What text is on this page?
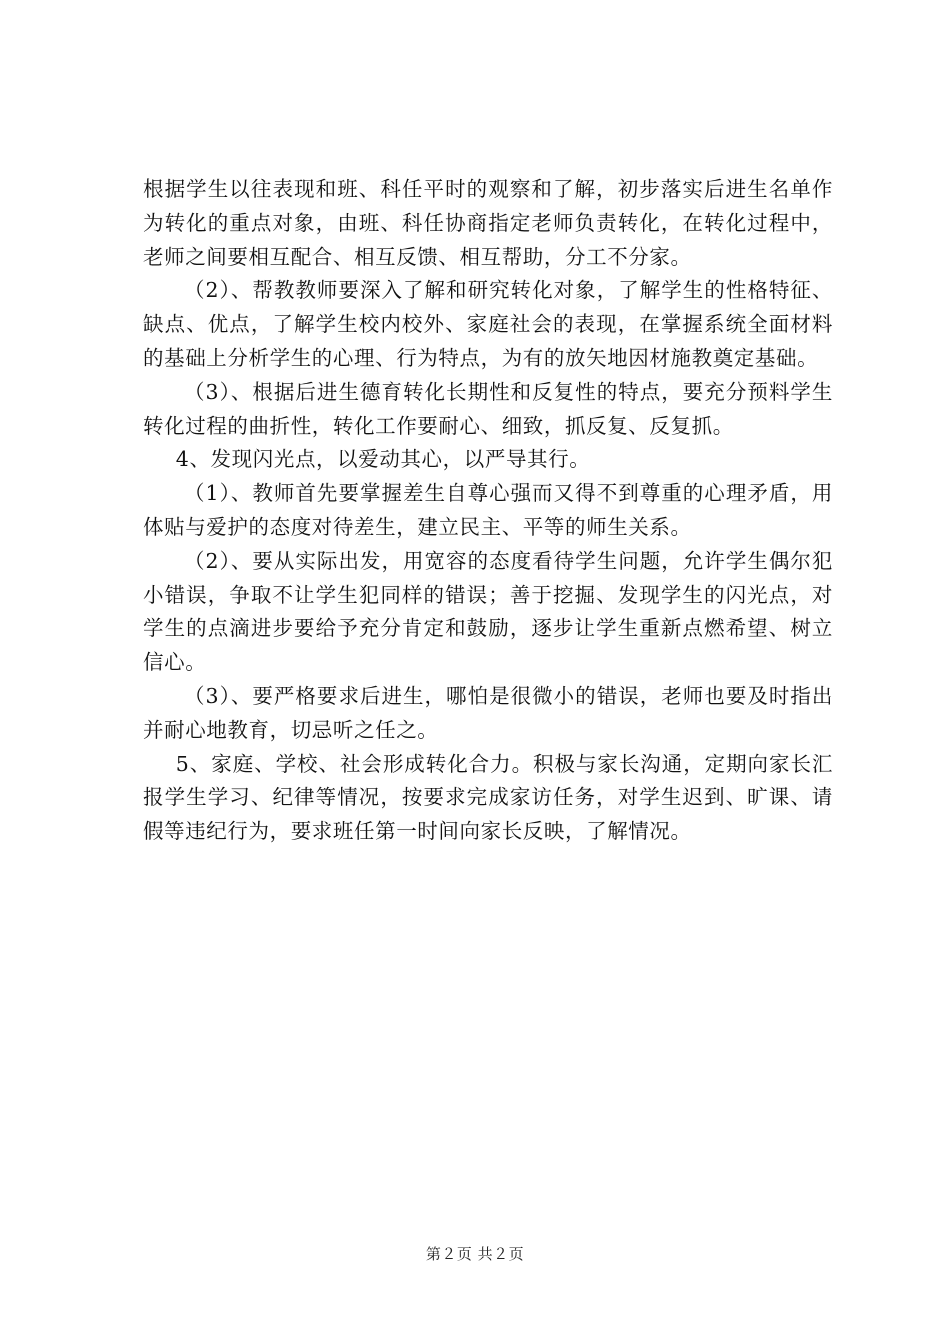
根据学生以往表现和班、科任平时的观察和了解，初步落实后进生名单作为转化的重点对象，由班、科任协商指定老师负责转化，在转化过程中，老师之间要相互配合、相互反馈、相互帮助，分工不分家。

（2）、帮教教师要深入了解和研究转化对象，了解学生的性格特征、缺点、优点，了解学生校内校外、家庭社会的表现，在掌握系统全面材料的基础上分析学生的心理、行为特点，为有的放矢地因材施教奠定基础。

（3）、根据后进生德育转化长期性和反复性的特点，要充分预料学生转化过程的曲折性，转化工作要耐心、细致，抓反复、反复抓。

4、发现闪光点，以爱动其心，以严导其行。

（1）、教师首先要掌握差生自尊心强而又得不到尊重的心理矛盾，用体贴与爱护的态度对待差生，建立民主、平等的师生关系。

（2）、要从实际出发，用宽容的态度看待学生问题，允许学生偶尔犯小错误，争取不让学生犯同样的错误；善于挖掘、发现学生的闪光点，对学生的点滴进步要给予充分肯定和鼓励，逐步让学生重新点燃希望、树立信心。

（3）、要严格要求后进生，哪怕是很微小的错误，老师也要及时指出并耐心地教育，切忌听之任之。

5、家庭、学校、社会形成转化合力。积极与家长沟通，定期向家长汇报学生学习、纪律等情况，按要求完成家访任务，对学生迟到、旷课、请假等违纪行为，要求班任第一时间向家长反映，了解情况。

第２页 共２页
